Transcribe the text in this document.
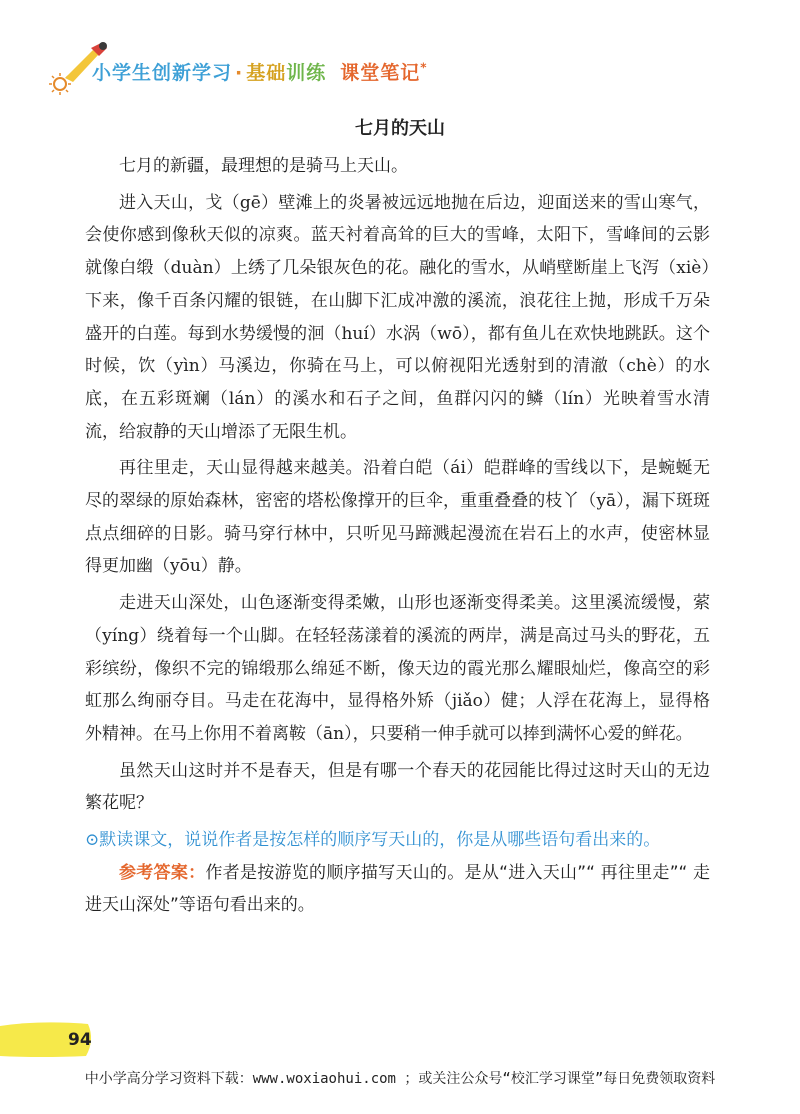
小学生创新学习 · 基础训练 课堂笔记*
七月的天山

七月的新疆，最理想的是骑马上天山。

进入天山，戈（gē）壁滩上的炎暑被远远地抛在后边，迎面送来的雪山寒气，会使你感到像秋天似的凉爽。蓝天衬着高耸的巨大的雪峰，太阳下，雪峰间的云影就像白缎（duàn）上绣了几朵银灰色的花。融化的雪水，从峭壁断崖上飞泻（xiè）下来，像千百条闪耀的银链，在山脚下汇成冲激的溪流，浪花往上抛，形成千万朵盛开的白莲。每到水势缓慢的洄（huí）水涡（wō），都有鱼儿在欢快地跳跃。这个时候，饮（yìn）马溪边，你骑在马上，可以俯视阳光透射到的清澈（chè）的水底，在五彩斑斓（lán）的溪水和石子之间，鱼群闪闪的鳞（lín）光映着雪水清流，给寂静的天山增添了无限生机。

再往里走，天山显得越来越美。沿着白皑（ái）皑群峰的雪线以下，是蜿蜒无尽的翠绿的原始森林，密密的塔松像撑开的巨伞，重重叠叠的枝丫（yā），漏下斑斑点点细碎的日影。骑马穿行林中，只听见马蹄溅起漫流在岩石上的水声，使密林显得更加幽（yōu）静。

走进天山深处，山色逐渐变得柔嫩，山形也逐渐变得柔美。这里溪流缓慢，萦（yíng）绕着每一个山脚。在轻轻荡漾着的溪流的两岸，满是高过马头的野花，五彩缤纷，像织不完的锦缎那么绵延不断，像天边的霞光那么耀眼灿烂，像高空的彩虹那么绚丽夺目。马走在花海中，显得格外矫（jiǎo）健；人浮在花海上，显得格外精神。在马上你用不着离鞍（ān），只要稍一伸手就可以捧到满怀心爱的鲜花。

虽然天山这时并不是春天，但是有哪一个春天的花园能比得过这时天山的无边繁花呢？

⊙默读课文，说说作者是按怎样的顺序写天山的，你是从哪些语句看出来的。

参考答案：作者是按游览的顺序描写天山的。是从“进入天山”“ 再往里走”“ 走进天山深处”等语句看出来的。

94
中小学高分学习资料下载：www.woxiaohui.com ；或关注公众号“校汇学习课堂”每日免费领取资料
